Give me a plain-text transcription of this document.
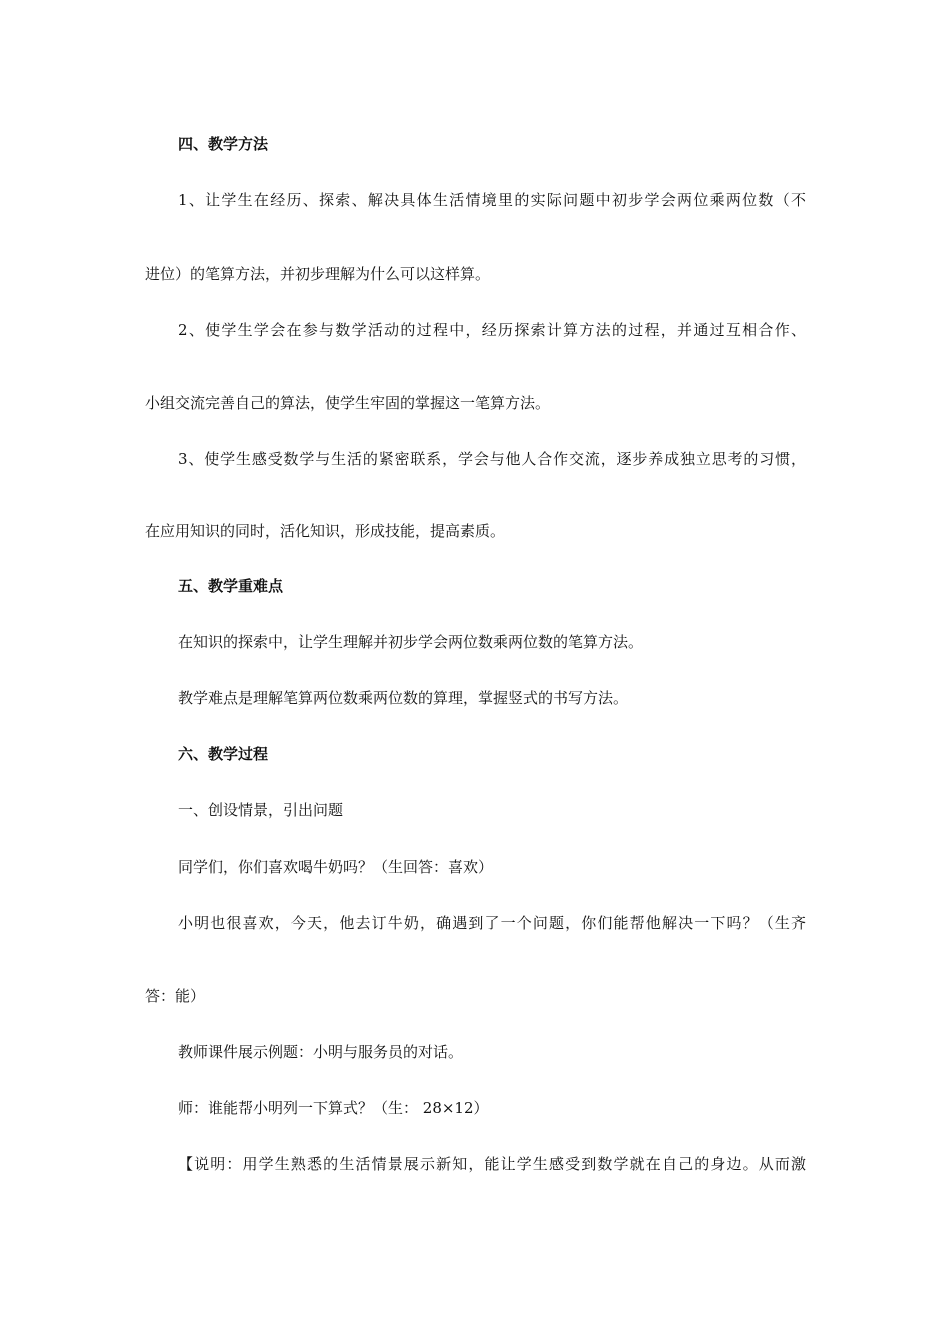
四、教学方法
1、让学生在经历、探索、解决具体生活情境里的实际问题中初步学会两位乘两位数（不
进位）的笔算方法，并初步理解为什么可以这样算。
2、使学生学会在参与数学活动的过程中，经历探索计算方法的过程，并通过互相合作、
小组交流完善自己的算法，使学生牢固的掌握这一笔算方法。
3、使学生感受数学与生活的紧密联系，学会与他人合作交流，逐步养成独立思考的习惯，
在应用知识的同时，活化知识，形成技能，提高素质。
五、教学重难点
在知识的探索中，让学生理解并初步学会两位数乘两位数的笔算方法。
教学难点是理解笔算两位数乘两位数的算理，掌握竖式的书写方法。
六、教学过程
一、创设情景，引出问题
同学们，你们喜欢喝牛奶吗？（生回答：喜欢）
小明也很喜欢，今天，他去订牛奶，确遇到了一个问题，你们能帮他解决一下吗？（生齐
答：能）
教师课件展示例题：小明与服务员的对话。
师：谁能帮小明列一下算式？（生： 28×12）
【说明：用学生熟悉的生活情景展示新知，能让学生感受到数学就在自己的身边。从而激
